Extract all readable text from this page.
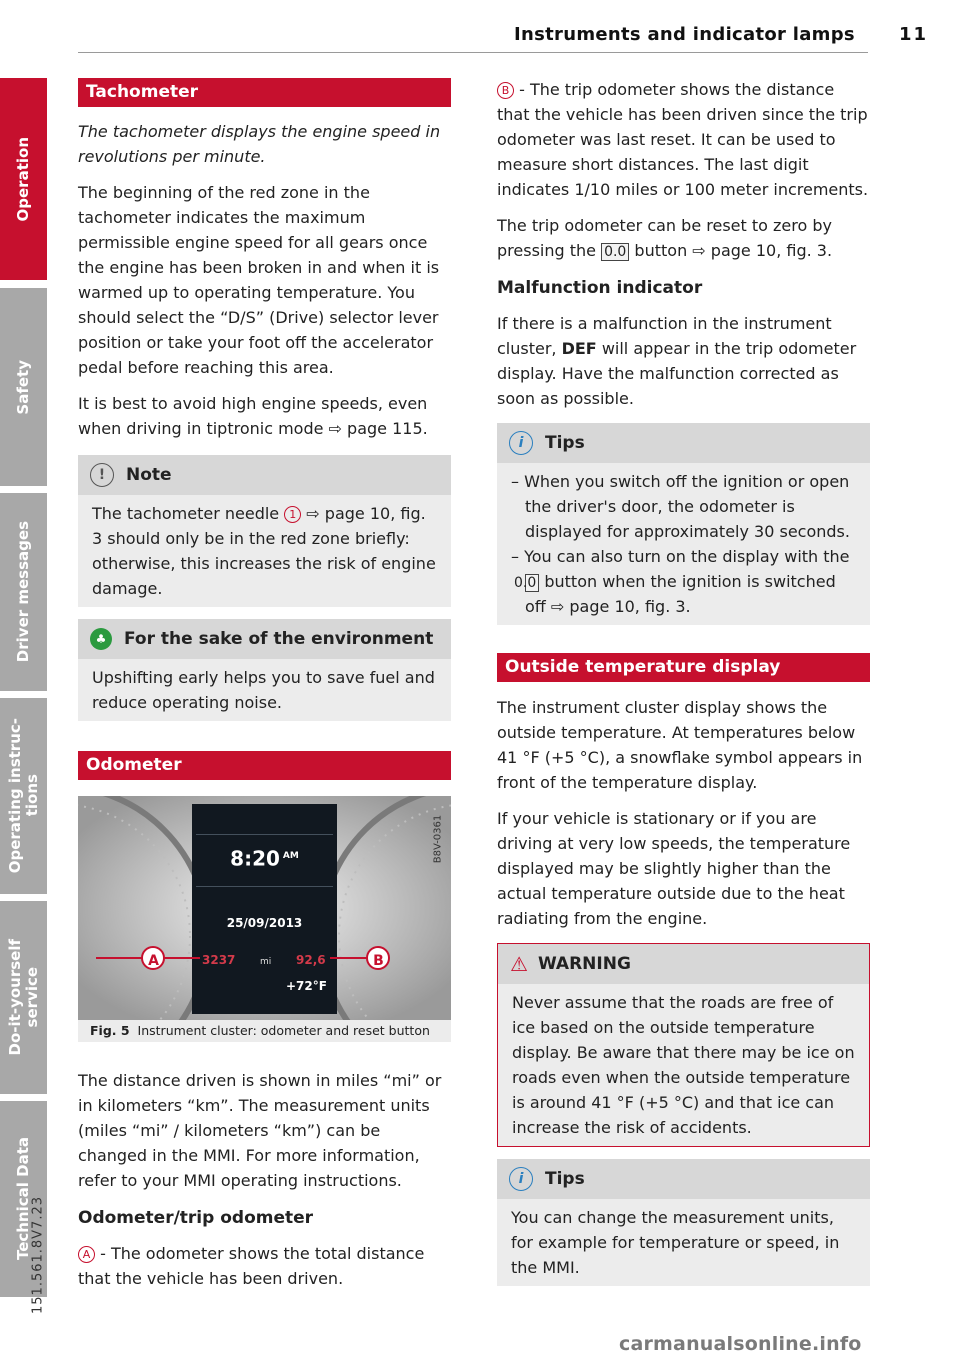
Instruments and indicator lamps 11
Tachometer

The tachometer displays the engine speed in revolutions per minute.

The beginning of the red zone in the tachometer indicates the maximum permissible engine speed for all gears once the engine has been broken in and when it is warmed up to operating temperature. You should select the “D/S” (Drive) selector lever position or take your foot off the accelerator pedal before reaching this area.

It is best to avoid high engine speeds, even when driving in tiptronic mode ⇨ page 115.

!	Note
The tachometer needle 1 ⇨ page 10, fig. 3 should only be in the red zone briefly: otherwise, this increases the risk of engine damage.
♣	For the sake of the environment

Upshifting early helps you to save fuel and reduce operating noise.

Odometer
8:20 $^{AM}$
25/09/2013
3237	mi 92,6
+72°F
A	B
B8V-0361
Fig. 5 Instrument cluster: odometer and reset button

The distance driven is shown in miles “mi” or in kilometers “km”. The measurement units (miles “mi” / kilometers “km”) can be changed in the MMI. For more information, refer to your MMI operating instructions.

Odometer/trip odometer

A - The odometer shows the total distance that the vehicle has been driven.

B - The trip odometer shows the distance that the vehicle has been driven since the trip odometer was last reset. It can be used to measure short distances. The last digit indicates 1/10 miles or 100 meter increments.

The trip odometer can be reset to zero by pressing the 0.0 button ⇨ page 10, fig. 3.

Malfunction indicator

If there is a malfunction in the instrument cluster, DEF will appear in the trip odometer display. Have the malfunction corrected as soon as possible.

i	Tips

– When you switch off the ignition or open the driver's door, the odometer is displayed for approximately 30 seconds.

– You can also turn on the display with the 0.0 button when the ignition is switched off ⇨ page 10, fig. 3.

Outside temperature display

The instrument cluster display shows the outside temperature. At temperatures below 41 °F (+5 °C), a snowflake symbol appears in front of the temperature display.

If your vehicle is stationary or if you are driving at very low speeds, the temperature displayed may be slightly higher than the actual temperature outside due to the heat radiating from the engine.

⚠ WARNING

Never assume that the roads are free of ice based on the outside temperature display. Be aware that there may be ice on roads even when the outside temperature is around 41 °F (+5 °C) and that ice can increase the risk of accidents.

i	Tips

You can change the measurement units, for example for temperature or speed, in the MMI.

Operation
Safety
Driver messages
Operating instruc-
tions
Do-it-yourself
service
Technical Data
151.561.8V7.23
carmanualsonline.info
